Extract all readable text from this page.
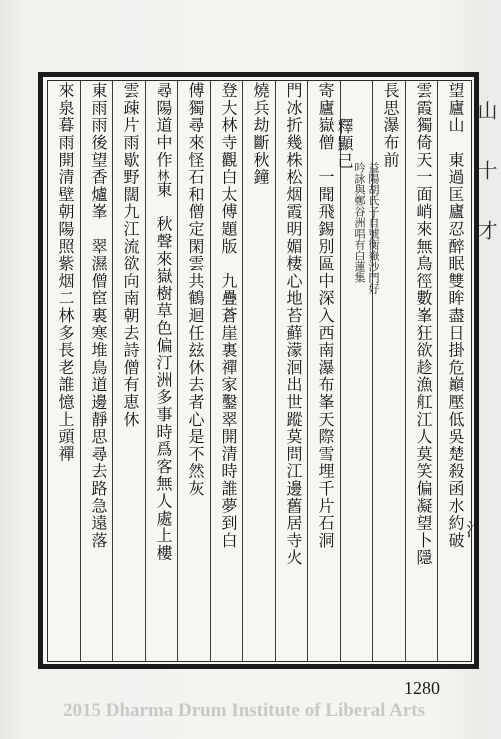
望廬山　東過匡廬忍醉眠雙眸盡日掛危巔壓低吳楚殺函水約破
雲霞獨倚天一面峭來無鳥徑數峯狂欲趁漁舡江人莫笑偏凝望卜隱
長思瀑布前
釋
顯己
益陽胡氏子自號衡嶽沙門好
吟詠與鄭谷洲唱有白蓮集
寄廬嶽僧　一聞飛錫別區中深入西南瀑布峯天際雪埋千片石洞
門冰折幾株松烟霞明媚棲心地苔蘚濛洄出世蹤莫問江邊舊居寺火
燒兵劫斷秋鐘
登大林寺觀白太傅題版　九疊蒼崖裏禪家鑿翠開清時誰夢到白
傅獨尋來怪石和僧定閑雲共鶴迴任玆休去者心是不然灰
尋陽道中作
林
東　秋聲來嶽樹草色偏汀洲多事時爲客無人處上樓
雲疎片雨歇野闊九江流欲向南朝去詩僧有恵休
東雨雨後望香爐峯　翠濕僧䆠裏寒堆鳥道邊靜思尋去路急遠落
來泉暮雨開清壁朝陽照紫烟二林多長老誰憶上頭禪	山　十　才
氵
1280
2015 Dharma Drum Institute of Liberal Arts
